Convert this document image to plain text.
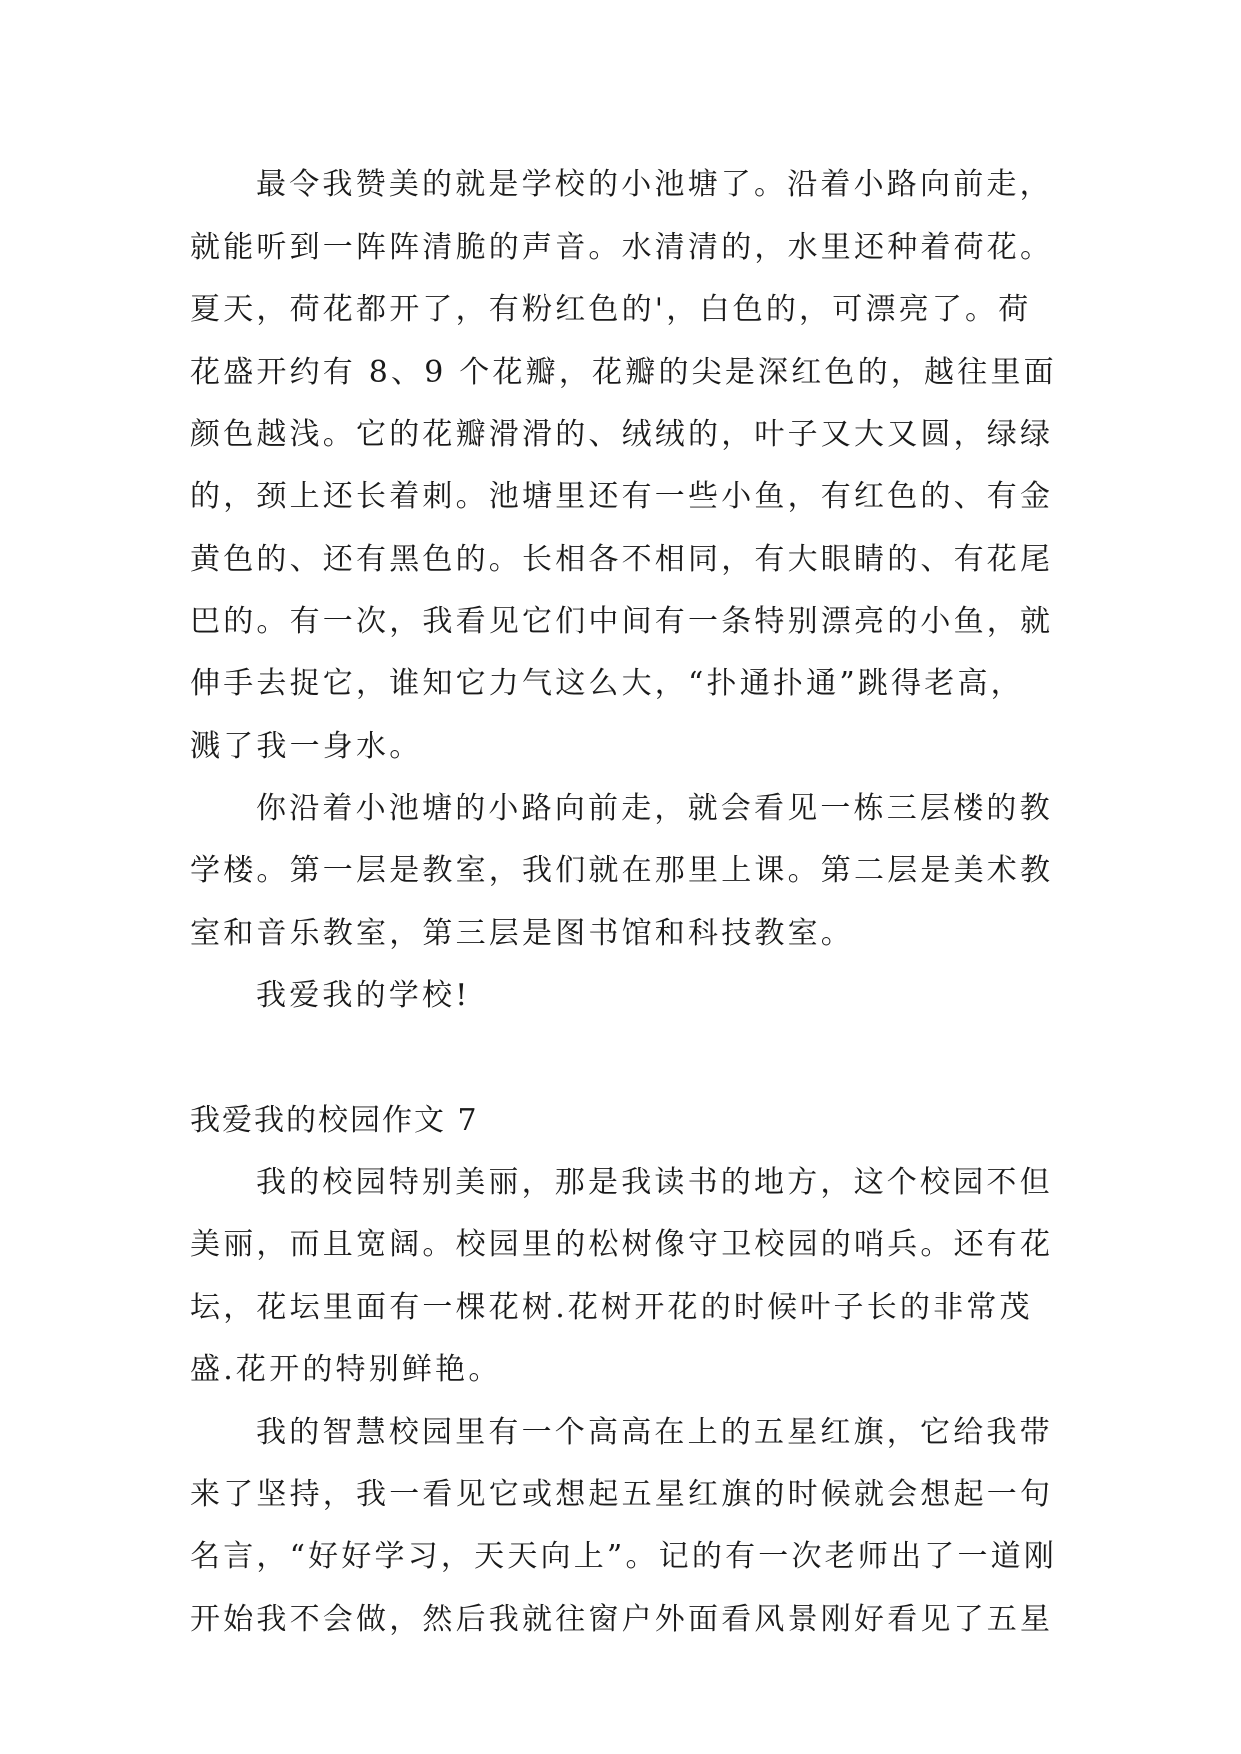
最令我赞美的就是学校的小池塘了。沿着小路向前走，
就能听到一阵阵清脆的声音。水清清的，水里还种着荷花。
夏天，荷花都开了，有粉红色的'，白色的，可漂亮了。荷
花盛开约有 8、9 个花瓣，花瓣的尖是深红色的，越往里面
颜色越浅。它的花瓣滑滑的、绒绒的，叶子又大又圆，绿绿
的，颈上还长着刺。池塘里还有一些小鱼，有红色的、有金
黄色的、还有黑色的。长相各不相同，有大眼睛的、有花尾
巴的。有一次，我看见它们中间有一条特别漂亮的小鱼，就
伸手去捉它，谁知它力气这么大，“扑通扑通”跳得老高，
溅了我一身水。
你沿着小池塘的小路向前走，就会看见一栋三层楼的教
学楼。第一层是教室，我们就在那里上课。第二层是美术教
室和音乐教室，第三层是图书馆和科技教室。
我爱我的学校!
我爱我的校园作文 7
我的校园特别美丽，那是我读书的地方，这个校园不但
美丽，而且宽阔。校园里的松树像守卫校园的哨兵。还有花
坛，花坛里面有一棵花树.花树开花的时候叶子长的非常茂
盛.花开的特别鲜艳。
我的智慧校园里有一个高高在上的五星红旗，它给我带
来了坚持，我一看见它或想起五星红旗的时候就会想起一句
名言，“好好学习，天天向上”。记的有一次老师出了一道刚
开始我不会做，然后我就往窗户外面看风景刚好看见了五星
